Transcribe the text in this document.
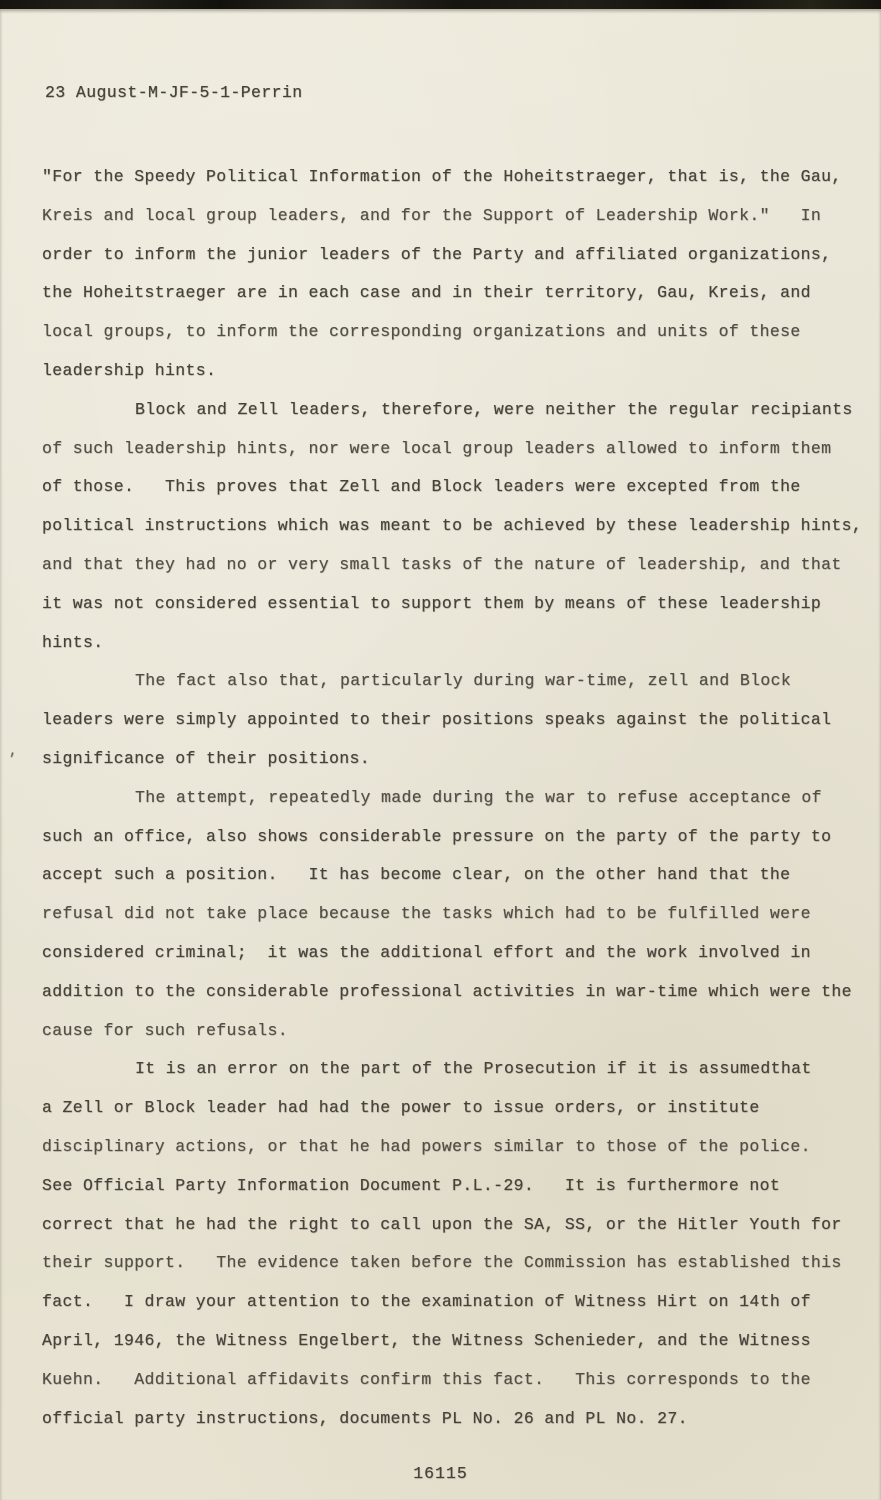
23 August-M-JF-5-1-Perrin
"For the Speedy Political Information of the Hoheitstraeger, that is, the Gau,
Kreis and local group leaders, and for the Support of Leadership Work."   In
order to inform the junior leaders of the Party and affiliated organizations,
the Hoheitstraeger are in each case and in their territory, Gau, Kreis, and
local groups, to inform the corresponding organizations and units of these
leadership hints.
Block and Zell leaders, therefore, were neither the regular recipiants
of such leadership hints, nor were local group leaders allowed to inform them
of those.   This proves that Zell and Block leaders were excepted from the
political instructions which was meant to be achieved by these leadership hints,
and that they had no or very small tasks of the nature of leadership, and that
it was not considered essential to support them by means of these leadership
hints.
The fact also that, particularly during war-time, zell and Block
leaders were simply appointed to their positions speaks against the political
significance of their positions.
The attempt, repeatedly made during the war to refuse acceptance of
such an office, also shows considerable pressure on the party of the party to
accept such a position.   It has become clear, on the other hand that the
refusal did not take place because the tasks which had to be fulfilled were
considered criminal;  it was the additional effort and the work involved in
addition to the considerable professional activities in war-time which were the
cause for such refusals.
It is an error on the part of the Prosecution if it is assumedthat
a Zell or Block leader had had the power to issue orders, or institute
disciplinary actions, or that he had powers similar to those of the police.
See Official Party Information Document P.L.-29.   It is furthermore not
correct that he had the right to call upon the SA, SS, or the Hitler Youth for
their support.   The evidence taken before the Commission has established this
fact.   I draw your attention to the examination of Witness Hirt on 14th of
April, 1946, the Witness Engelbert, the Witness Schenieder, and the Witness
Kuehn.   Additional affidavits confirm this fact.   This corresponds to the
official party instructions, documents PL No. 26 and PL No. 27.
'
16115
